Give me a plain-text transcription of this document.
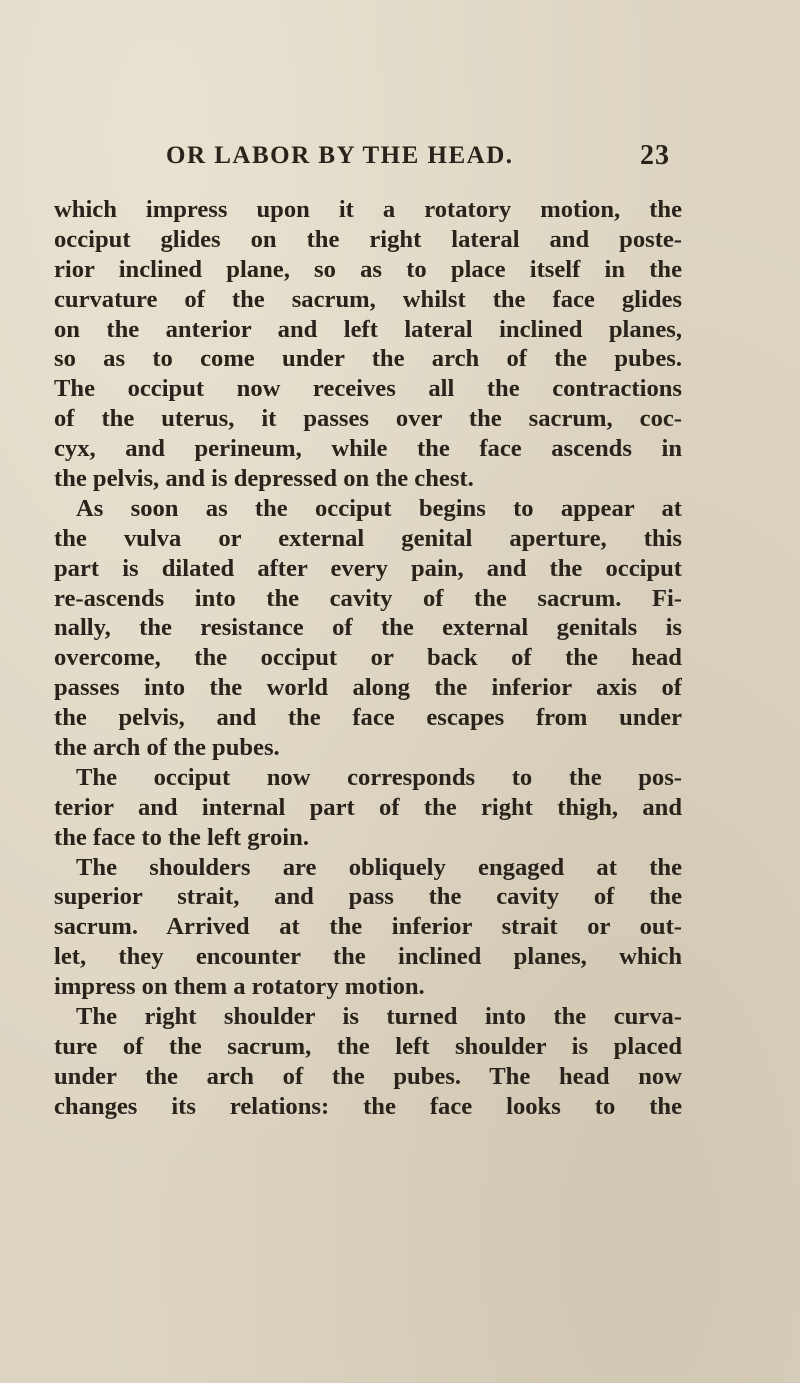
OR LABOR BY THE HEAD.	23
which impress upon it a rotatory motion, the
occiput glides on the right lateral and poste-
rior inclined plane, so as to place itself in the
curvature of the sacrum, whilst the face glides
on the anterior and left lateral inclined planes,
so as to come under the arch of the pubes.
The occiput now receives all the contractions
of the uterus, it passes over the sacrum, coc-
cyx, and perineum, while the face ascends in
the pelvis, and is depressed on the chest.
As soon as the occiput begins to appear at
the vulva or external genital aperture, this
part is dilated after every pain, and the occiput
re-ascends into the cavity of the sacrum. Fi-
nally, the resistance of the external genitals is
overcome, the occiput or back of the head
passes into the world along the inferior axis of
the pelvis, and the face escapes from under
the arch of the pubes.
The occiput now corresponds to the pos-
terior and internal part of the right thigh, and
the face to the left groin.
The shoulders are obliquely engaged at the
superior strait, and pass the cavity of the
sacrum. Arrived at the inferior strait or out-
let, they encounter the inclined planes, which
impress on them a rotatory motion.
The right shoulder is turned into the curva-
ture of the sacrum, the left shoulder is placed
under the arch of the pubes. The head now
changes its relations: the face looks to the
